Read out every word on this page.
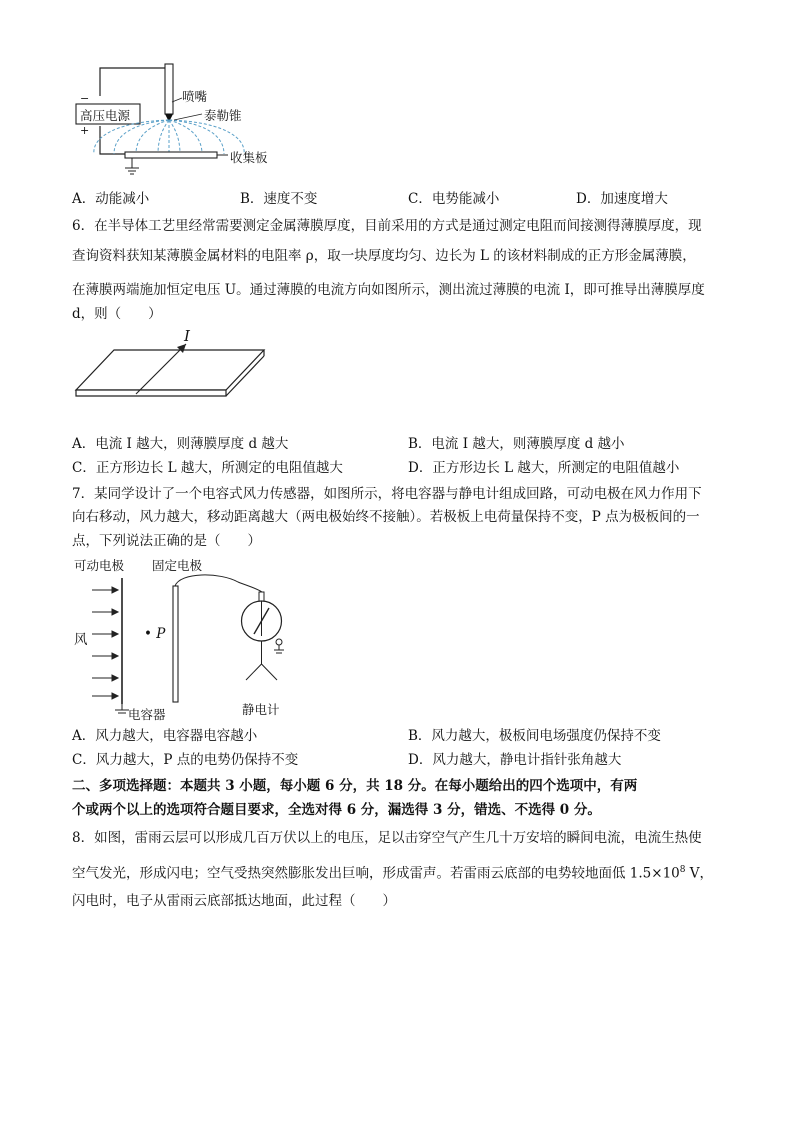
高压电源
−
+
喷嘴
泰勒锥
收集板
A．动能减小	B．速度不变	C．电势能减小	D．加速度增大
6．在半导体工艺里经常需要测定金属薄膜厚度，目前采用的方式是通过测定电阻而间接测得薄膜厚度，现
查询资料获知某薄膜金属材料的电阻率 ρ，取一块厚度均匀、边长为 L 的该材料制成的正方形金属薄膜，
在薄膜两端施加恒定电压 U。通过薄膜的电流方向如图所示，测出流过薄膜的电流 I，即可推导出薄膜厚度
d，则（　　）
I
A．电流 I 越大，则薄膜厚度 d 越大	B．电流 I 越大，则薄膜厚度 d 越小
C．正方形边长 L 越大，所测定的电阻值越大	D．正方形边长 L 越大，所测定的电阻值越小
7．某同学设计了一个电容式风力传感器，如图所示，将电容器与静电计组成回路，可动电极在风力作用下
向右移动，风力越大，移动距离越大（两电极始终不接触）。若极板上电荷量保持不变，P 点为极板间的一
点，下列说法正确的是（　　）
可动电极 固定电极
风	• P
电容器	静电计
A．风力越大，电容器电容越小	B．风力越大，极板间电场强度仍保持不变
C．风力越大，P 点的电势仍保持不变	D．风力越大，静电计指针张角越大
二、多项选择题：本题共 3 小题，每小题 6 分，共 18 分。在每小题给出的四个选项中，有两
个或两个以上的选项符合题目要求，全选对得 6 分，漏选得 3 分，错选、不选得 0 分。
8．如图，雷雨云层可以形成几百万伏以上的电压，足以击穿空气产生几十万安培的瞬间电流，电流生热使
空气发光，形成闪电；空气受热突然膨胀发出巨响，形成雷声。若雷雨云底部的电势较地面低 $1.5\times 10^8$ V，
闪电时，电子从雷雨云底部抵达地面，此过程（　　）
